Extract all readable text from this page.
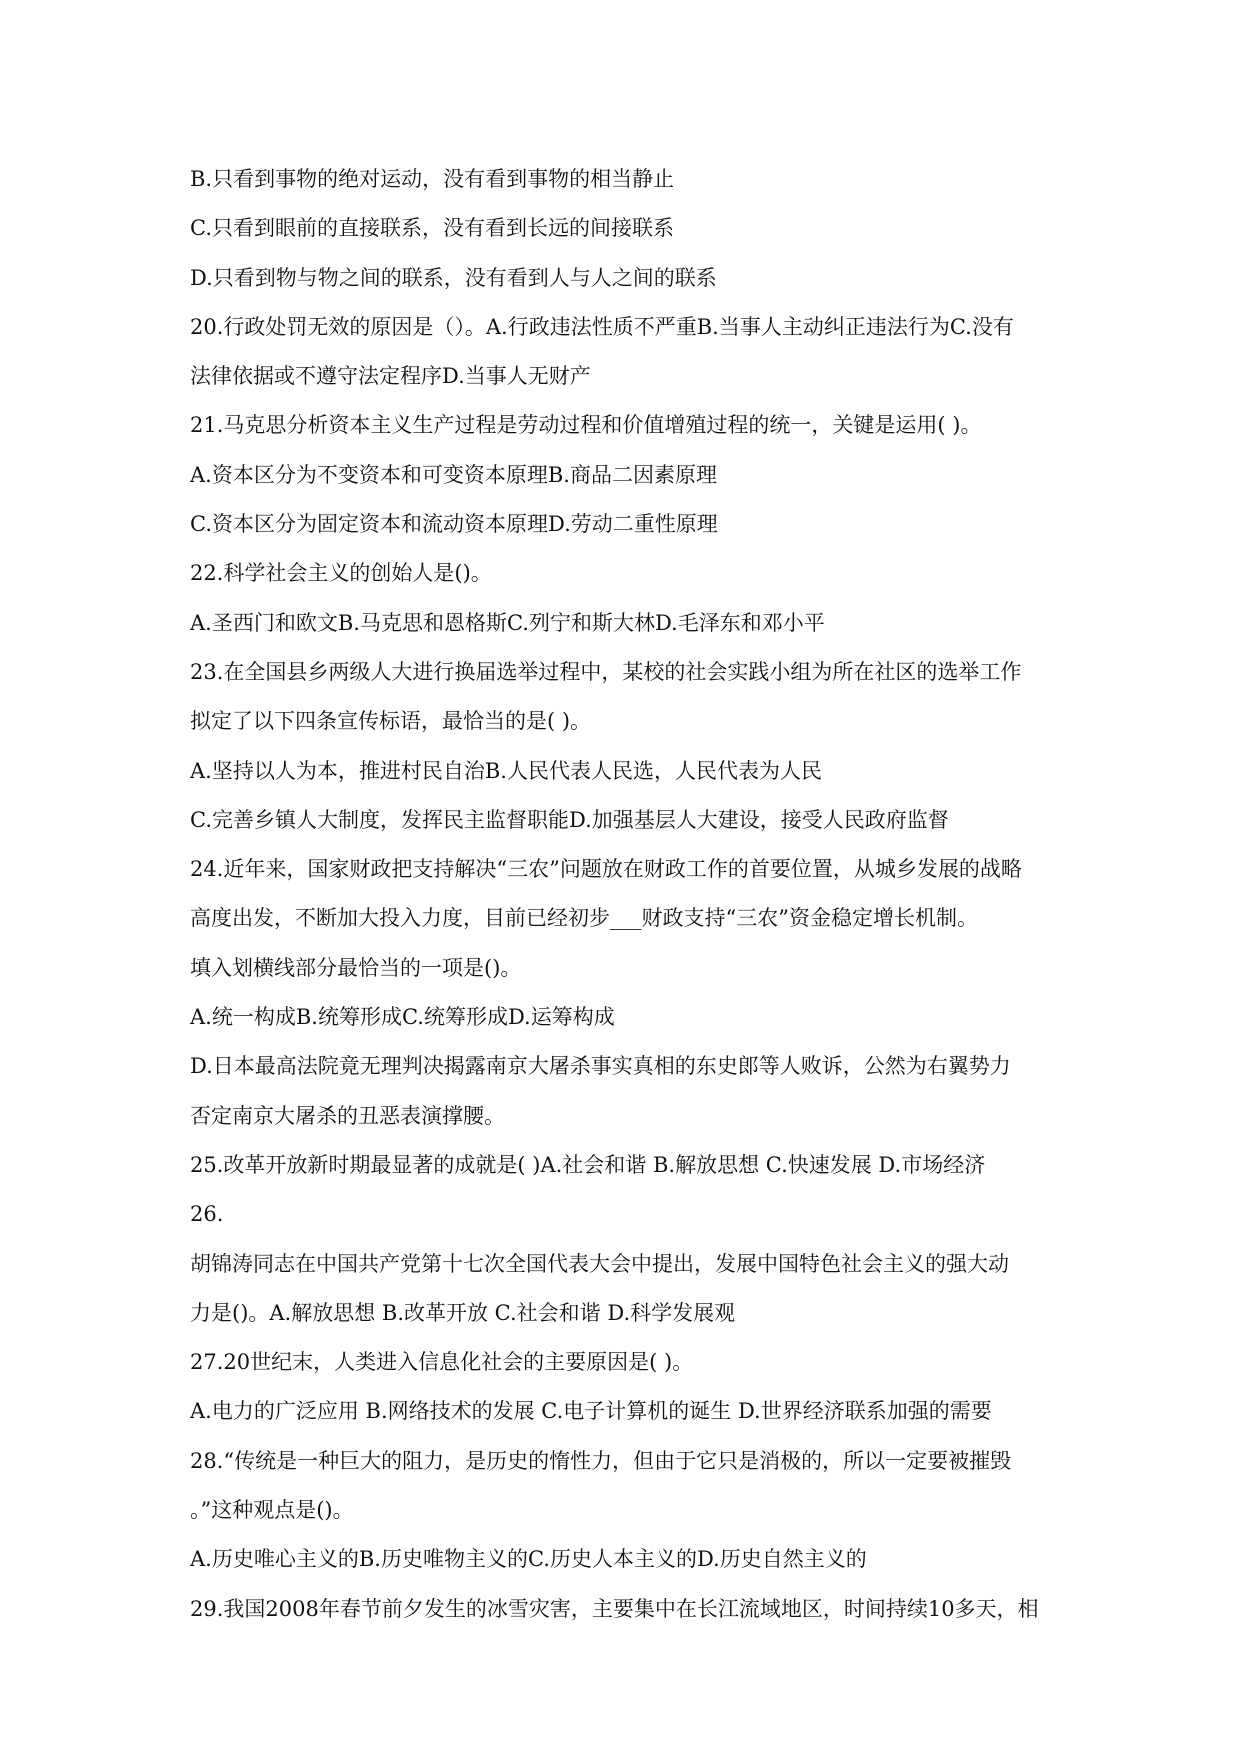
B.只看到事物的绝对运动，没有看到事物的相当静止
C.只看到眼前的直接联系，没有看到长远的间接联系
D.只看到物与物之间的联系，没有看到人与人之间的联系
20.行政处罚无效的原因是（）。A.行政违法性质不严重B.当事人主动纠正违法行为C.没有
法律依据或不遵守法定程序D.当事人无财产
21.马克思分析资本主义生产过程是劳动过程和价值增殖过程的统一，关键是运用( )。
A.资本区分为不变资本和可变资本原理B.商品二因素原理
C.资本区分为固定资本和流动资本原理D.劳动二重性原理
22.科学社会主义的创始人是()。
A.圣西门和欧文B.马克思和恩格斯C.列宁和斯大林D.毛泽东和邓小平
23.在全国县乡两级人大进行换届选举过程中，某校的社会实践小组为所在社区的选举工作
拟定了以下四条宣传标语，最恰当的是( )。
A.坚持以人为本，推进村民自治B.人民代表人民选，人民代表为人民
C.完善乡镇人大制度，发挥民主监督职能D.加强基层人大建设，接受人民政府监督
24.近年来，国家财政把支持解决“三农”问题放在财政工作的首要位置，从城乡发展的战略
高度出发，不断加大投入力度，目前已经初步___财政支持“三农”资金稳定增长机制。
填入划横线部分最恰当的一项是()。
A.统一构成B.统筹形成C.统筹形成D.运筹构成
D.日本最高法院竟无理判决揭露南京大屠杀事实真相的东史郎等人败诉，公然为右翼势力
否定南京大屠杀的丑恶表演撑腰。
25.改革开放新时期最显著的成就是( )A.社会和谐 B.解放思想 C.快速发展 D.市场经济
26.
胡锦涛同志在中国共产党第十七次全国代表大会中提出，发展中国特色社会主义的强大动
力是()。A.解放思想 B.改革开放 C.社会和谐 D.科学发展观
27.20世纪末，人类进入信息化社会的主要原因是( )。
A.电力的广泛应用 B.网络技术的发展 C.电子计算机的诞生 D.世界经济联系加强的需要
28.“传统是一种巨大的阻力，是历史的惰性力，但由于它只是消极的，所以一定要被摧毁
。”这种观点是()。
A.历史唯心主义的B.历史唯物主义的C.历史人本主义的D.历史自然主义的
29.我国2008年春节前夕发生的冰雪灾害，主要集中在长江流域地区，时间持续10多天，相
